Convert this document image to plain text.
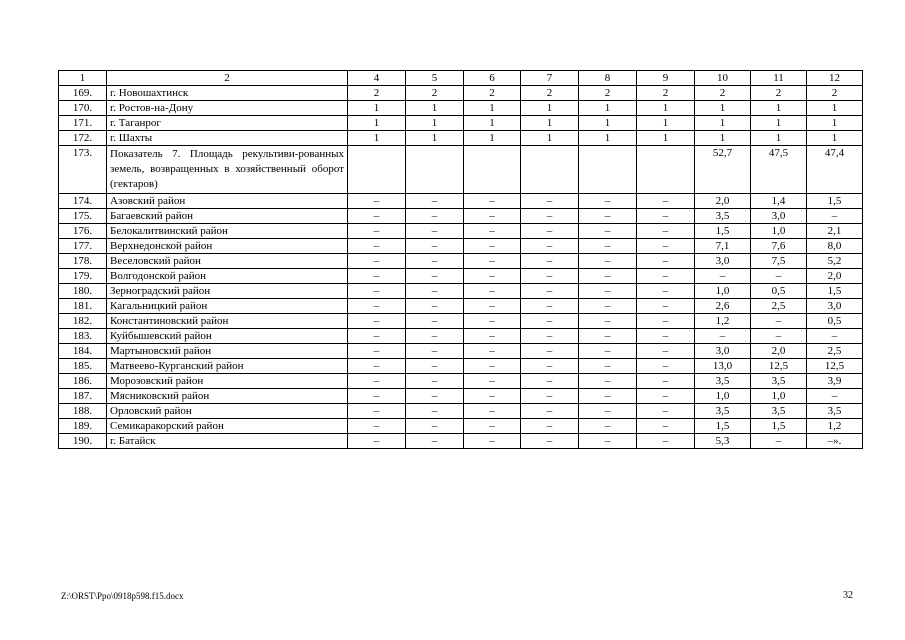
1	2	4	5	6	7	8	9	10	11	12
169.	г. Новошахтинск	2	2	2	2	2	2	2	2	2
170.	г. Ростов-на-Дону	1	1	1	1	1	1	1	1	1
171.	г. Таганрог	1	1	1	1	1	1	1	1	1
172.	г. Шахты	1	1	1	1	1	1	1	1	1
173.	Показатель 7. Площадь рекультиви-рованных земель, возвращенных в хозяйственный оборот (гектаров)							52,7	47,5	47,4
174.	Азовский район	–	–	–	–	–	–	2,0	1,4	1,5
175.	Багаевский район	–	–	–	–	–	–	3,5	3,0	–
176.	Белокалитвинский район	–	–	–	–	–	–	1,5	1,0	2,1
177.	Верхнедонской район	–	–	–	–	–	–	7,1	7,6	8,0
178.	Веселовский район	–	–	–	–	–	–	3,0	7,5	5,2
179.	Волгодонской район	–	–	–	–	–	–	–	–	2,0
180.	Зерноградский район	–	–	–	–	–	–	1,0	0,5	1,5
181.	Кагальницкий район	–	–	–	–	–	–	2,6	2,5	3,0
182.	Константиновский район	–	–	–	–	–	–	1,2	–	0,5
183.	Куйбышевский район	–	–	–	–	–	–	–	–	–
184.	Мартыновский район	–	–	–	–	–	–	3,0	2,0	2,5
185.	Матвеево-Курганский район	–	–	–	–	–	–	13,0	12,5	12,5
186.	Морозовский район	–	–	–	–	–	–	3,5	3,5	3,9
187.	Мясниковский район	–	–	–	–	–	–	1,0	1,0	–
188.	Орловский район	–	–	–	–	–	–	3,5	3,5	3,5
189.	Семикаракорский район	–	–	–	–	–	–	1,5	1,5	1,2
190.	г. Батайск	–	–	–	–	–	–	5,3	–	–».
Z:\ORST\Ppo\0918p598.f15.docx	32
